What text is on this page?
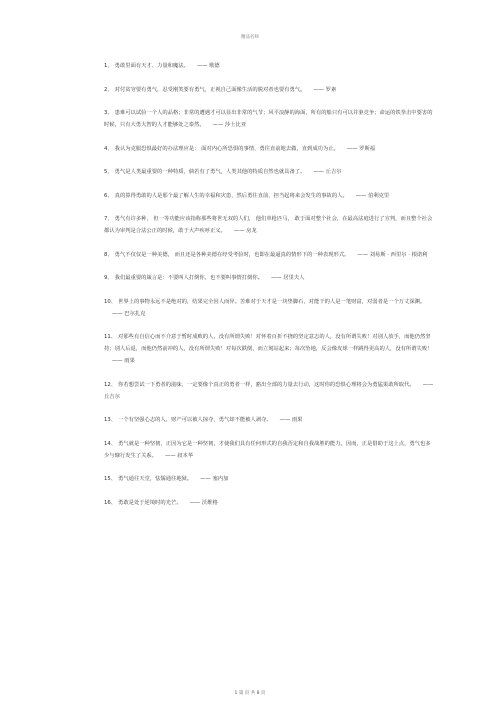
精品名师
1、 勇敢里面有天才、力量和魔法。 —— 歌德
2、 对付贫穷要有勇气，忍受刚笑要有勇气，正视自己面像生活的脱对者也要有勇气。 —— 罗素
3、 患难可以试验一个人的品格；非常的遭遇才可以显出非常的气节；风平浪静的海面，所有的船只有可以并驱竞争；命运的铁拳击中要害的时候，只有大勇大智的人才能够处之泰然。 —— 莎士比亚
4、 我认为克服恐惧最好的办法理应是： 面对内心所恐惧的事情，勇往直前地去做，直到成功为止。 —— 罗斯福
5、 勇气是人类最重要的一种特质，倘若有了勇气，人类其他的特质自然也就具备了。 —— 丘吉尔
6、 真的算得勇敢的人是那个最了解人生的幸福和灾患，然后勇往直前，担当起将来会发生的事故的人。 —— 伯利克里
7、 勇气有许多种， 但一等功能应该指称那些将世无双的人们， 他们单枪匹马， 敢于面对整个社会，在最高法庭进行了宣判，而且整个社会都认为审判是合法公正的时候，敢于大声疾呼正义。 —— 房龙
8、 勇气不仅仅是一种美德， 而且还是各种美德在经受考验时，也即在最逼真的情形下的一种表现形式。 —— 刘易斯 · 西里尔 · 根诺利
9、 我们最重要的箴言是：不要叫人打倒你，也不要叫事情打倒你。 —— 居里夫人
10、 世界上的事物永远不是绝对的，结果完全因人而异。苦难对于天才是一块垫脚石，对能干的人是一笔财富，对弱者是一个万丈深渊。—— 巴尔扎克
11、 对那些有自信心而不介意于暂时成败的人，没有所谓失败！对怀着百折不挠的坚定意志的人，没有所谓失败！对别人放手，而他仍然坚持；别人后退，而他仍然前冲的人，没有所谓失败！对每次跌倒，而立刻站起来；每次坠地，反会像皮球一样跳得更高的人，没有所谓失败！—— 雨果
12、 你若想尝试一下勇者的滋味，一定要像个真正的勇者一样，豁出全部的力量去行动，这时你的恐惧心理将会为勇猛果敢所取代。 —— 丘吉尔
13、 一个有坚强心志的人，财产可以被人掠夺，勇气却不能被人剥夺。 —— 雨果
14、 勇气就是一种坚韧，正因为它是一种坚韧，才使我们具有任何形式的自我否定和自我战胜的能力。因而，正是借助于这上点，勇气也多少与慷行发生了关系。 —— 叔本华
15、 勇气通往天堂，怯懦通往地狱。 —— 塞内加
16、 勇敢是处于逆境时的光芒。 —— 沃维格
1 第 页 共 8 页
